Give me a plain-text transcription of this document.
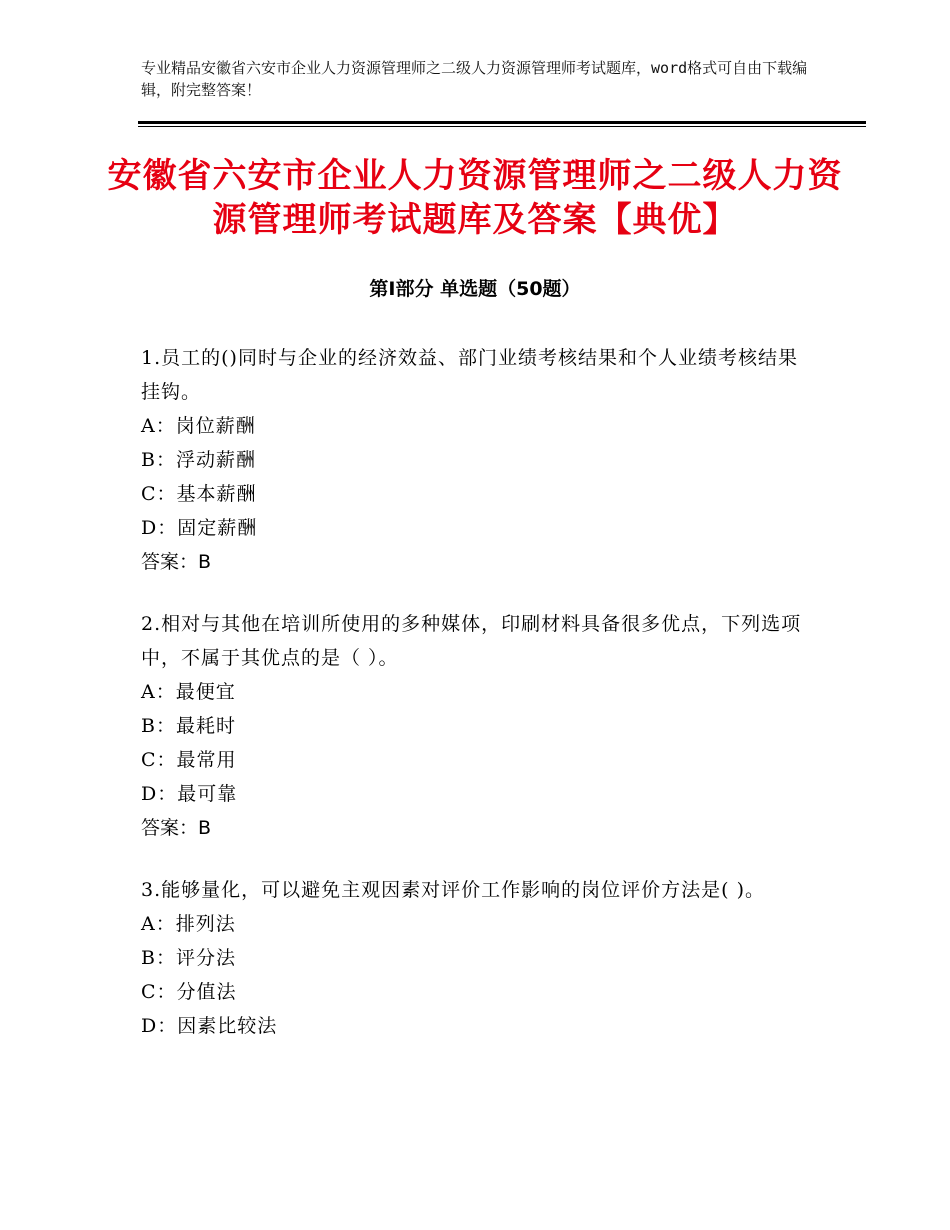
专业精品安徽省六安市企业人力资源管理师之二级人力资源管理师考试题库，word格式可自由下载编辑，附完整答案！
安徽省六安市企业人力资源管理师之二级人力资源管理师考试题库及答案【典优】
第Ⅰ部分 单选题（50题）
1.员工的()同时与企业的经济效益、部门业绩考核结果和个人业绩考核结果挂钩。
A：岗位薪酬
B：浮动薪酬
C：基本薪酬
D：固定薪酬
答案：B
2.相对与其他在培训所使用的多种媒体，印刷材料具备很多优点，下列选项中，不属于其优点的是（ ）。
A：最便宜
B：最耗时
C：最常用
D：最可靠
答案：B
3.能够量化，可以避免主观因素对评价工作影响的岗位评价方法是( )。
A：排列法
B：评分法
C：分值法
D：因素比较法
